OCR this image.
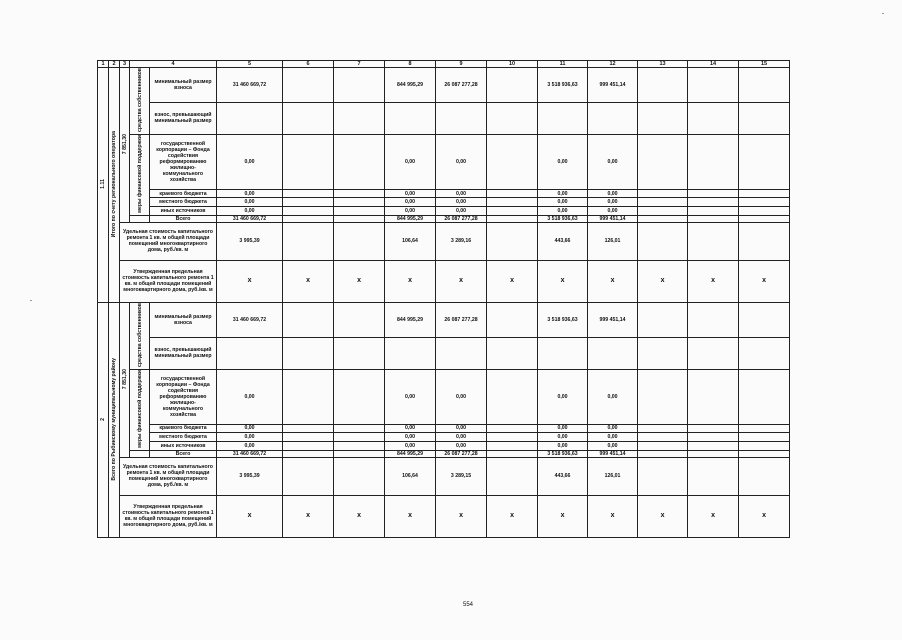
1	2	3	4		5	6	7	8	9	10	11	12	13	14	15
1.11	Итого по счету регионального оператора	7 851,30	средства собственников	минимальный размер взноса	31 460 669,72			844 995,29	26 087 277,28		3 518 936,63	999 451,14			
				взнос, превышающий минимальный размер											
			меры финансовой поддержки	государственной корпорации – Фонда содействия реформированию жилищно-коммунального хозяйства	0,00			0,00	0,00		0,00	0,00			
				краевого бюджета	0,00			0,00	0,00		0,00	0,00			
				местного бюджета	0,00			0,00	0,00		0,00	0,00			
				иных источников	0,00			0,00	0,00		0,00	0,00			
				Всего	31 460 669,72			844 995,29	26 087 277,28		3 518 936,63	999 451,14			
		Удельная стоимость капитального ремонта 1 кв. м общей площади помещений многоквартирного дома, руб./кв. м			3 995,39			106,64	3 289,16		443,66	126,01			
		Утвержденная предельная стоимость капитального ремонта 1 кв. м общей площади помещений многоквартирного дома, руб./кв. м			x	x	x	x	x	x	x	x	x	x	x
2	Всего по Рыбинскому муниципальному району	7 851,30	средства собственников	минимальный размер взноса	31 460 669,72			844 995,29	26 087 277,28		3 518 936,63	999 451,14			
				взнос, превышающий минимальный размер											
			меры финансовой поддержки	государственной корпорации – Фонда содействия реформированию жилищно-коммунального хозяйства	0,00			0,00	0,00		0,00	0,00			
				краевого бюджета	0,00			0,00	0,00		0,00	0,00			
				местного бюджета	0,00			0,00	0,00		0,00	0,00			
				иных источников	0,00			0,00	0,00		0,00	0,00			
				Всего	31 460 669,72			844 995,29	26 087 277,28		3 518 936,63	999 451,14			
		Удельная стоимость капитального ремонта 1 кв. м общей площади помещений многоквартирного дома, руб./кв. м			3 995,39			106,64	3 289,15		443,66	126,01			
		Утвержденная предельная стоимость капитального ремонта 1 кв. м общей площади помещений многоквартирного дома, руб./кв. м			x	x	x	x	x	x	x	x	x	x	x
554
